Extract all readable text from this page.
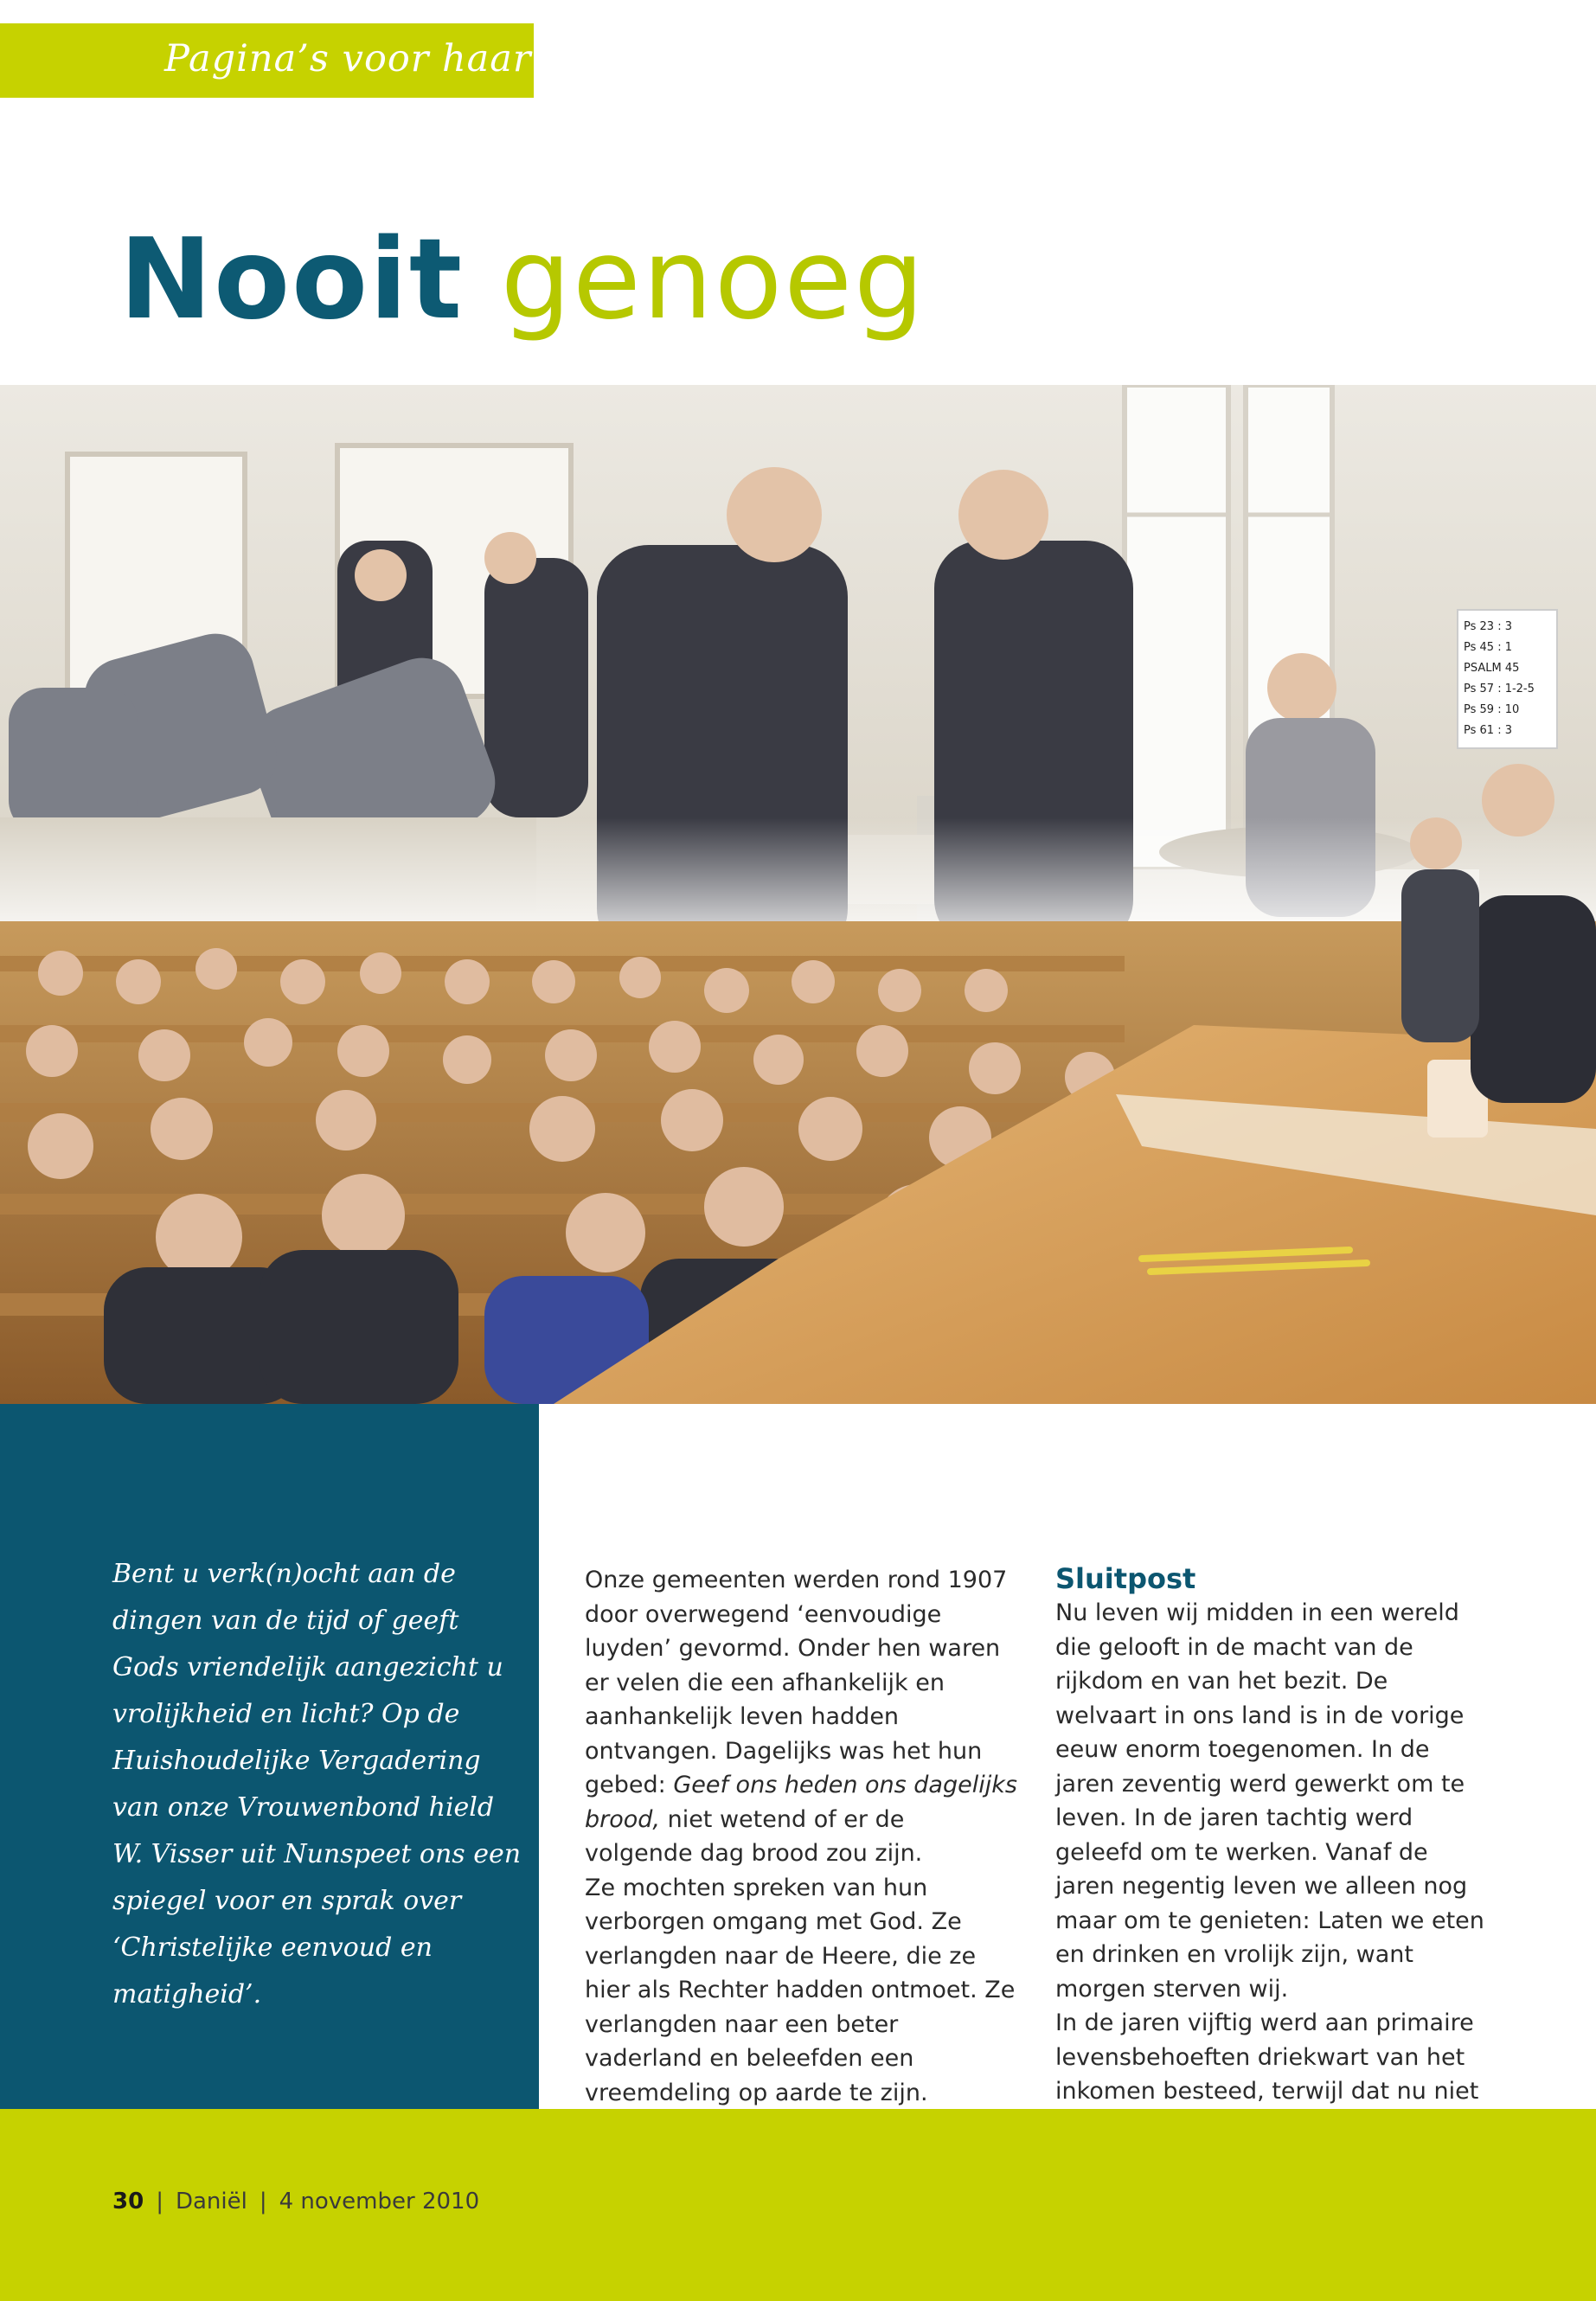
Pagina’s voor haar
Nooit genoeg
Ps 23 : 3
Ps 45 : 1
PSALM 45
Ps 57 : 1-2-5
Ps 59 : 10
Ps 61 : 3

Bent u verk(n)ocht aan de dingen van de tijd of geeft Gods vriendelijk aangezicht u vrolijkheid en licht? Op de Huishoudelijke Vergadering van onze Vrouwenbond hield W. Visser uit Nunspeet ons een spiegel voor en sprak over ‘Christelijke eenvoud en matigheid’.

Onze gemeenten werden rond 1907 door overwegend ‘eenvoudige luyden’ gevormd. Onder hen waren er velen die een afhankelijk en aanhankelijk leven hadden ontvangen. Dagelijks was het hun gebed: Geef ons heden ons dagelijks brood, niet wetend of er de volgende dag brood zou zijn.

Ze mochten spreken van hun verborgen omgang met God. Ze verlangden naar de Heere, die ze hier als Rechter hadden ontmoet. Ze verlangden naar een beter vaderland en beleefden een vreemdeling op aarde te zijn.

Sluitpost

Nu leven wij midden in een wereld die gelooft in de macht van de rijkdom en van het bezit. De welvaart in ons land is in de vorige eeuw enorm toegenomen. In de jaren zeventig werd gewerkt om te leven. In de jaren tachtig werd geleefd om te werken. Vanaf de jaren negentig leven we alleen nog maar om te genieten: Laten we eten en drinken en vrolijk zijn, want morgen sterven wij.

In de jaren vijftig werd aan primaire levensbehoeften driekwart van het inkomen besteed, terwijl dat nu niet

30 | Daniël | 4 november 2010
